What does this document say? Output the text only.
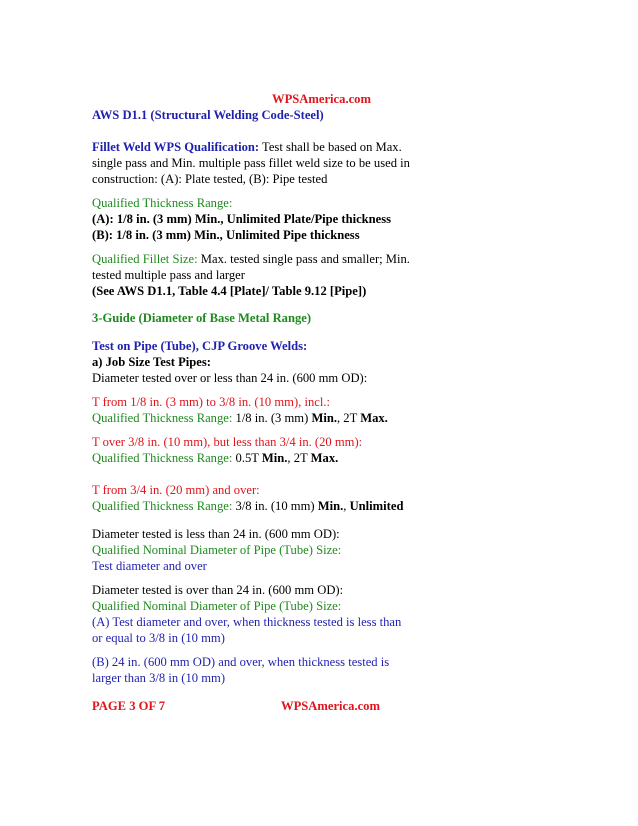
WPSAmerica.com
AWS D1.1 (Structural Welding Code-Steel)
Fillet Weld WPS Qualification: Test shall be based on Max.
single pass and Min. multiple pass fillet weld size to be used in
construction: (A): Plate tested, (B): Pipe tested
Qualified Thickness Range:
(A): 1/8 in. (3 mm) Min., Unlimited Plate/Pipe thickness
(B): 1/8 in. (3 mm) Min., Unlimited Pipe thickness
Qualified Fillet Size: Max. tested single pass and smaller; Min.
tested multiple pass and larger
(See AWS D1.1, Table 4.4 [Plate]/ Table 9.12 [Pipe])
3-Guide (Diameter of Base Metal Range)
Test on Pipe (Tube), CJP Groove Welds:
a) Job Size Test Pipes:
Diameter tested over or less than 24 in. (600 mm OD):
T from 1/8 in. (3 mm) to 3/8 in. (10 mm), incl.:
Qualified Thickness Range: 1/8 in. (3 mm) Min., 2T Max.
T over 3/8 in. (10 mm), but less than 3/4 in. (20 mm):
Qualified Thickness Range: 0.5T Min., 2T Max.
T from 3/4 in. (20 mm) and over:
Qualified Thickness Range: 3/8 in. (10 mm) Min., Unlimited
Diameter tested is less than 24 in. (600 mm OD):
Qualified Nominal Diameter of Pipe (Tube) Size:
Test diameter and over
Diameter tested is over than 24 in. (600 mm OD):
Qualified Nominal Diameter of Pipe (Tube) Size:
(A) Test diameter and over, when thickness tested is less than
or equal to 3/8 in (10 mm)
(B) 24 in. (600 mm OD) and over, when thickness tested is
larger than 3/8 in (10 mm)
PAGE 3 OF 7	WPSAmerica.com
